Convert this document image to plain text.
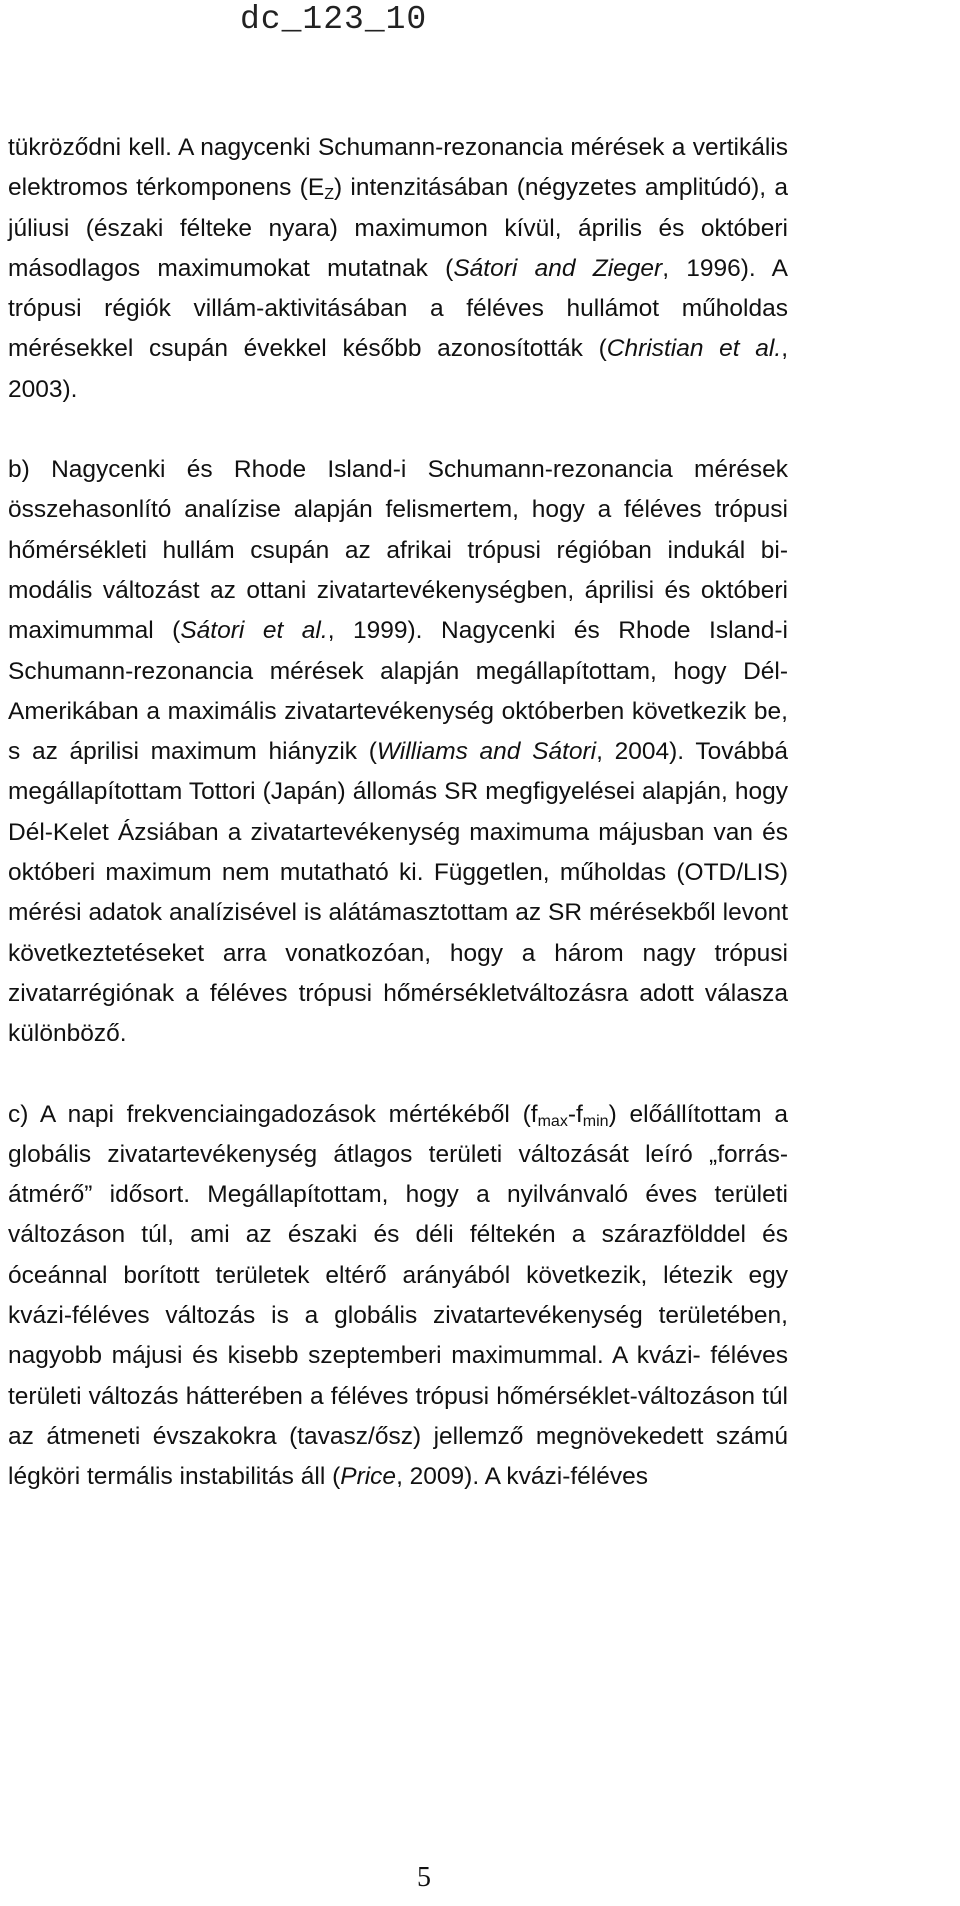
dc_123_10

tükröződni kell. A nagycenki Schumann-rezonancia mérések a vertikális elektromos térkomponens $(E_Z)$ intenzitásában (négyzetes amplitúdó), a júliusi (északi félteke nyara) maximumon kívül, április és októberi másodlagos maximumokat mutatnak (Sátori and Zieger, 1996). A trópusi régiók villám-aktivitásában a féléves hullámot műholdas mérésekkel csupán évekkel később azonosították (Christian et al., 2003).

b) Nagycenki és Rhode Island-i Schumann-rezonancia mérések összehasonlító analízise alapján felismertem, hogy a féléves trópusi hőmérsékleti hullám csupán az afrikai trópusi régióban indukál bi-modális változást az ottani zivatartevékenységben, áprilisi és októberi maximummal (Sátori et al., 1999). Nagycenki és Rhode Island-i Schumann-rezonancia mérések alapján megállapítottam, hogy Dél-Amerikában a maximális zivatartevékenység októberben következik be, s az áprilisi maximum hiányzik (Williams and Sátori, 2004). Továbbá megállapítottam Tottori (Japán) állomás SR megfigyelései alapján, hogy Dél-Kelet Ázsiában a zivatartevékenység maximuma májusban van és októberi maximum nem mutatható ki. Független, műholdas (OTD/LIS) mérési adatok analízisével is alátámasztottam az SR mérésekből levont következtetéseket arra vonatkozóan, hogy a három nagy trópusi zivatarrégiónak a féléves trópusi hőmérsékletváltozásra adott válasza különböző.

c) A napi frekvenciaingadozások mértékéből $(f_{max}-f_{min})$ előállítottam a globális zivatartevékenység átlagos területi változását leíró „forrás-átmérő” idősort. Megállapítottam, hogy a nyilvánvaló éves területi változáson túl, ami az északi és déli féltekén a szárazfölddel és óceánnal borított területek eltérő arányából következik, létezik egy kvázi-féléves változás is a globális zivatartevékenység területében, nagyobb májusi és kisebb szeptemberi maximummal. A kvázi- féléves területi változás hátterében a féléves trópusi hőmérséklet-változáson túl az átmeneti évszakokra (tavasz/ősz) jellemző megnövekedett számú légköri termális instabilitás áll (Price, 2009). A kvázi-féléves

5
